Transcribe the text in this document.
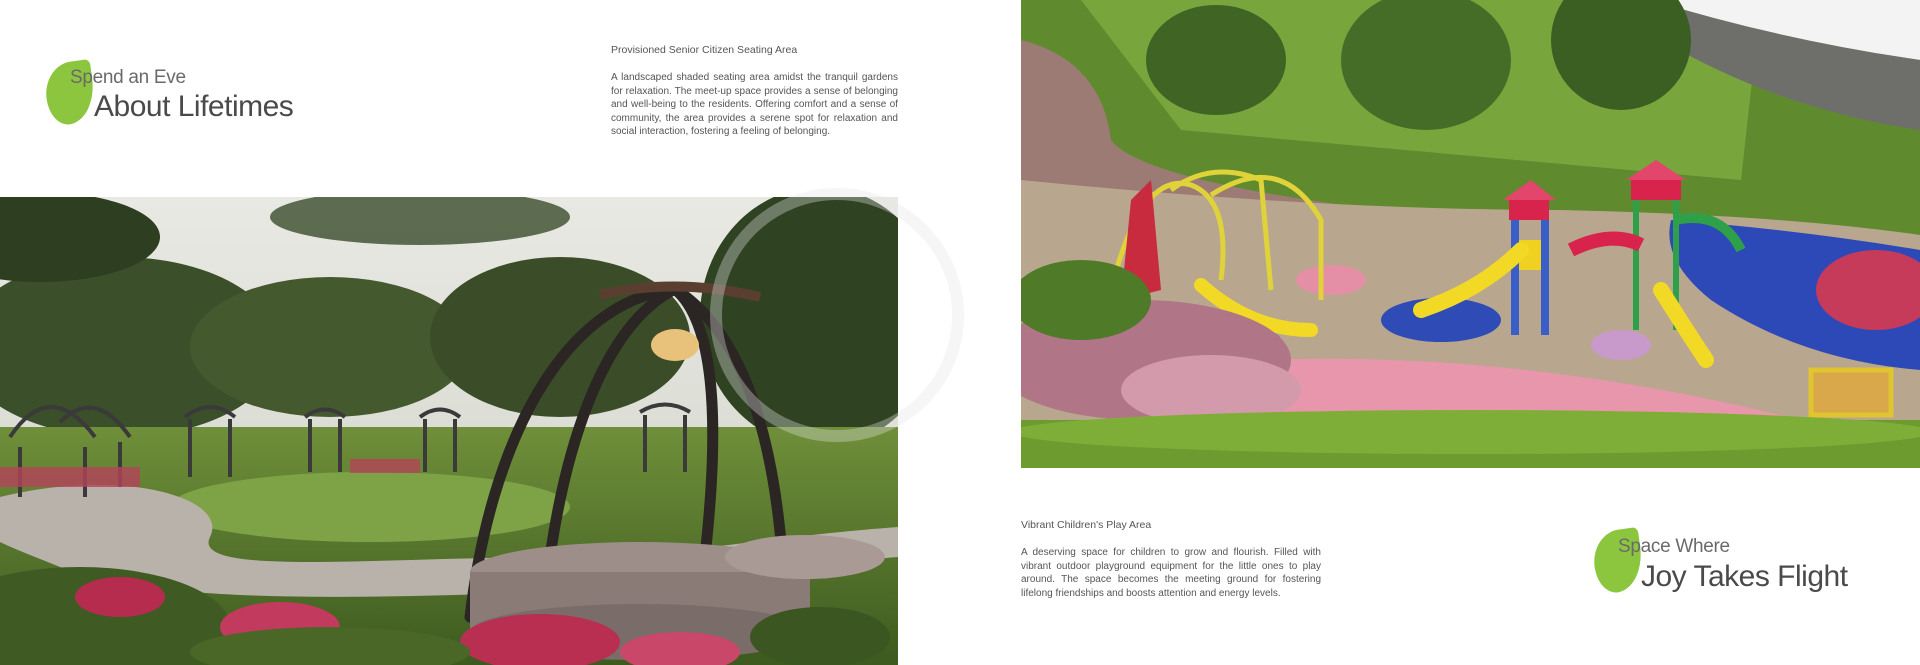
Spend an Eve
About Lifetimes
Provisioned Senior Citizen Seating Area
A landscaped shaded seating area amidst the tranquil gardens for relaxation. The meet-up space provides a sense of belonging and well-being to the residents. Offering comfort and a sense of community, the area provides a serene spot for relaxation and social interaction, fostering a feeling of belonging.
Vibrant Children's Play Area
A deserving space for children to grow and flourish. Filled with vibrant outdoor playground equipment for the little ones to play around. The space becomes the meeting ground for fostering lifelong friendships and boosts attention and energy levels.
Space Where
Joy Takes Flight
